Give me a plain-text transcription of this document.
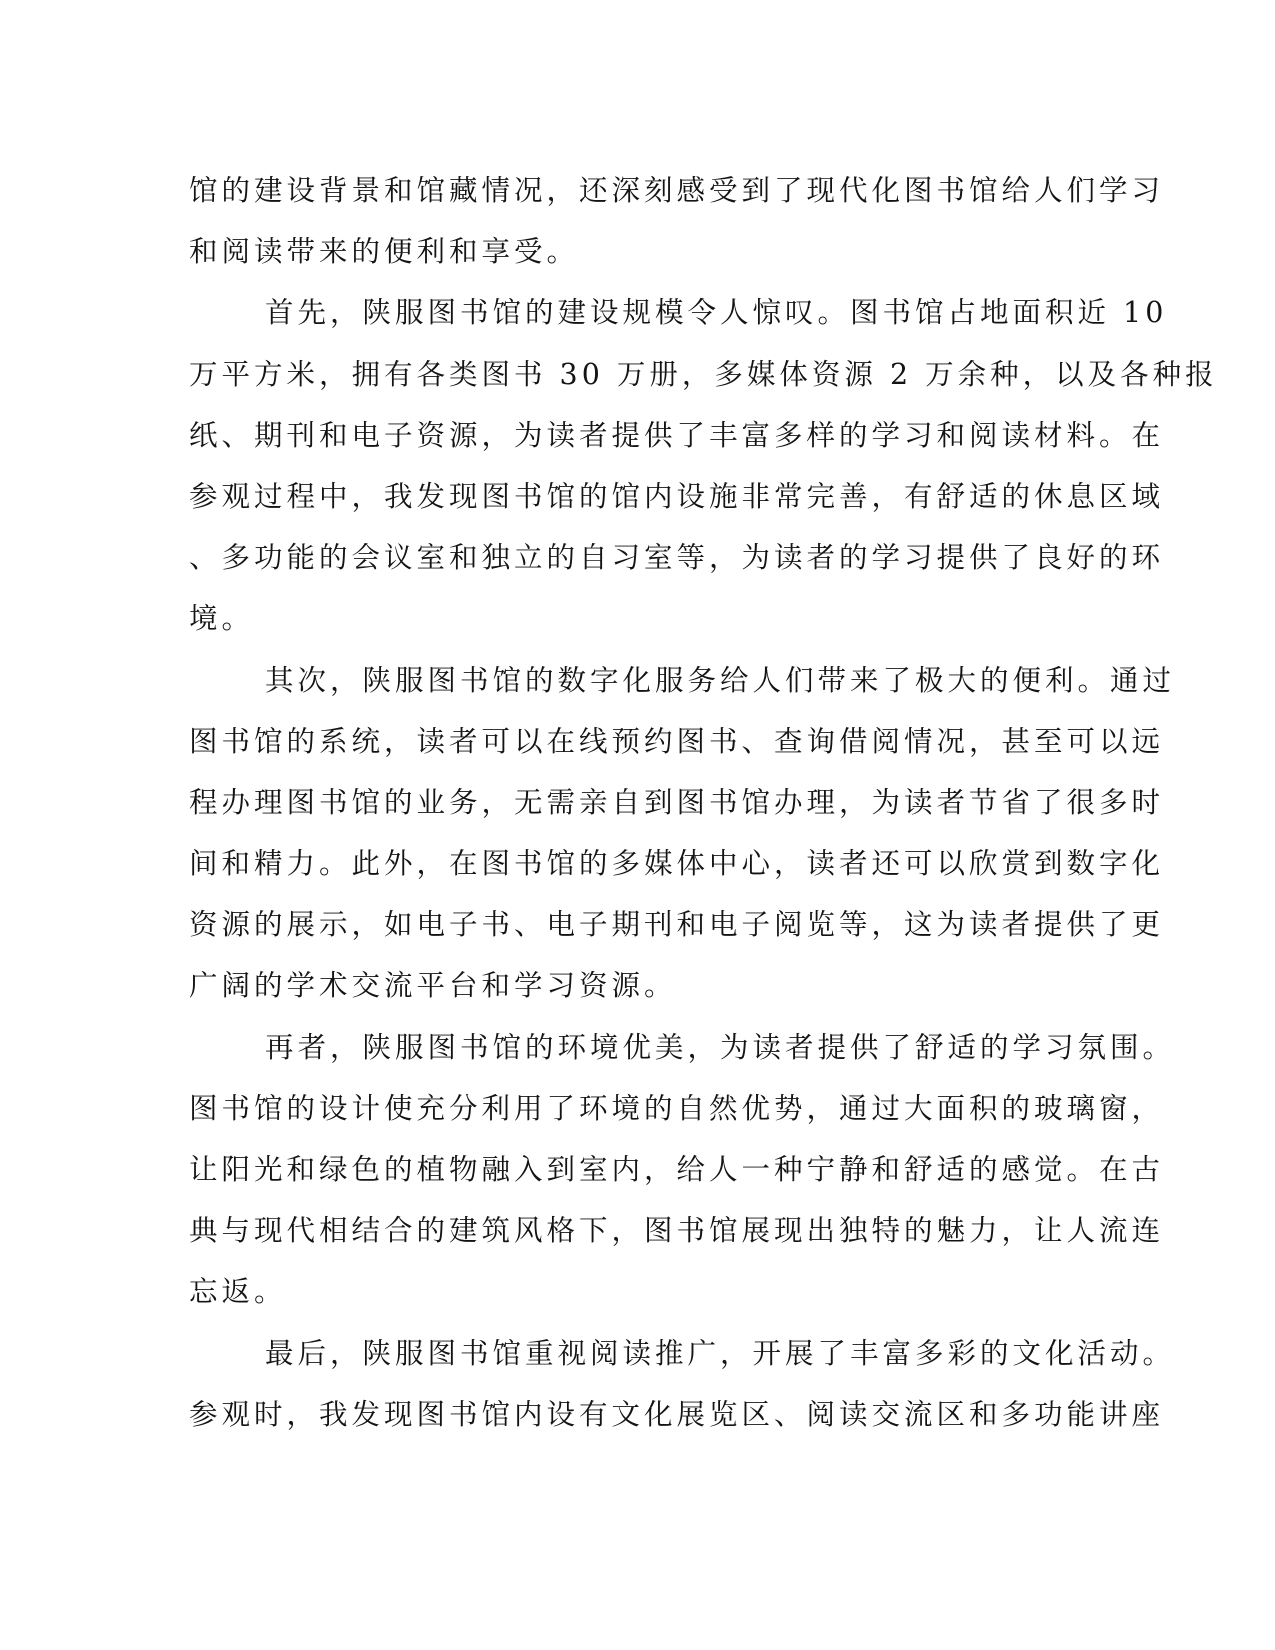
馆的建设背景和馆藏情况，还深刻感受到了现代化图书馆给人们学习
和阅读带来的便利和享受。
首先，陕服图书馆的建设规模令人惊叹。图书馆占地面积近 10
万平方米，拥有各类图书 30 万册，多媒体资源 2 万余种，以及各种报
纸、期刊和电子资源，为读者提供了丰富多样的学习和阅读材料。在
参观过程中，我发现图书馆的馆内设施非常完善，有舒适的休息区域
、多功能的会议室和独立的自习室等，为读者的学习提供了良好的环
境。
其次，陕服图书馆的数字化服务给人们带来了极大的便利。通过
图书馆的系统，读者可以在线预约图书、查询借阅情况，甚至可以远
程办理图书馆的业务，无需亲自到图书馆办理，为读者节省了很多时
间和精力。此外，在图书馆的多媒体中心，读者还可以欣赏到数字化
资源的展示，如电子书、电子期刊和电子阅览等，这为读者提供了更
广阔的学术交流平台和学习资源。
再者，陕服图书馆的环境优美，为读者提供了舒适的学习氛围。
图书馆的设计使充分利用了环境的自然优势，通过大面积的玻璃窗，
让阳光和绿色的植物融入到室内，给人一种宁静和舒适的感觉。在古
典与现代相结合的建筑风格下，图书馆展现出独特的魅力，让人流连
忘返。
最后，陕服图书馆重视阅读推广，开展了丰富多彩的文化活动。
参观时，我发现图书馆内设有文化展览区、阅读交流区和多功能讲座
